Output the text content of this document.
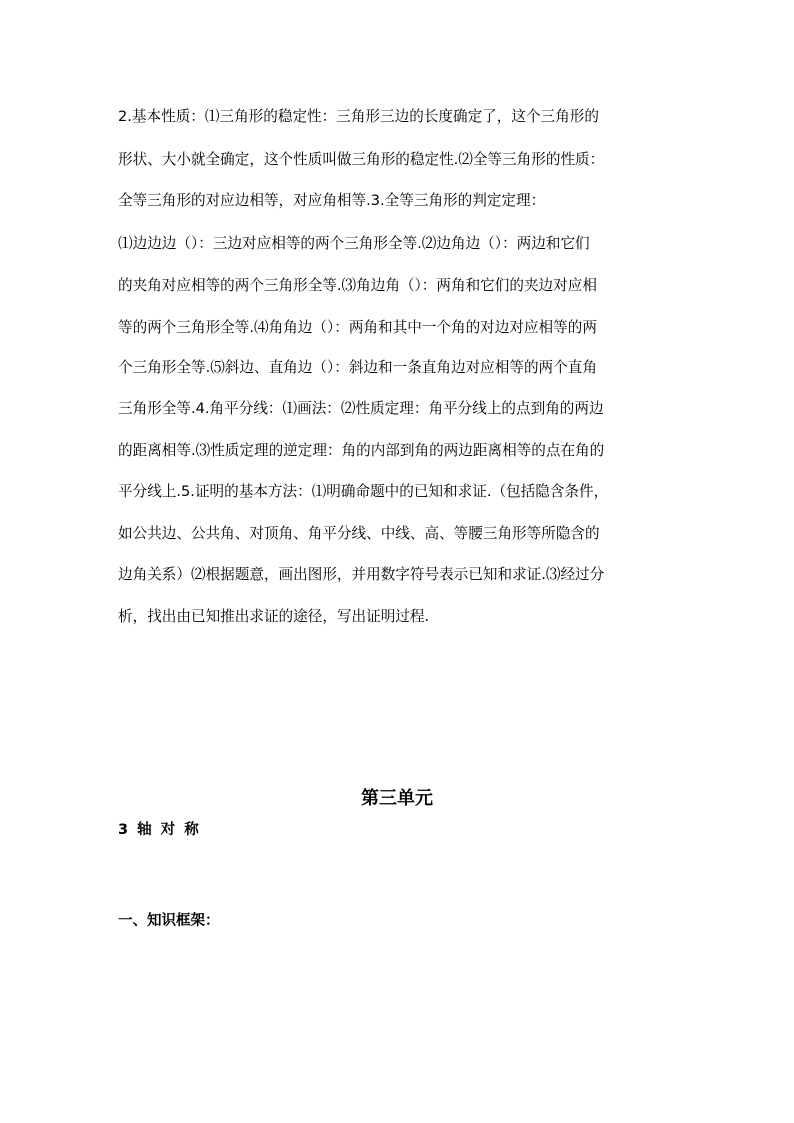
2.基本性质：⑴三角形的稳定性：三角形三边的长度确定了，这个三角形的
形状、大小就全确定，这个性质叫做三角形的稳定性.⑵全等三角形的性质：
全等三角形的对应边相等，对应角相等.3.全等三角形的判定定理：
⑴边边边（）：三边对应相等的两个三角形全等.⑵边角边（）：两边和它们
的夹角对应相等的两个三角形全等.⑶角边角（）：两角和它们的夹边对应相
等的两个三角形全等.⑷角角边（）：两角和其中一个角的对边对应相等的两
个三角形全等.⑸斜边、直角边（）：斜边和一条直角边对应相等的两个直角
三角形全等.4.角平分线：⑴画法：⑵性质定理：角平分线上的点到角的两边
的距离相等.⑶性质定理的逆定理：角的内部到角的两边距离相等的点在角的
平分线上.5.证明的基本方法：⑴明确命题中的已知和求证.（包括隐含条件，
如公共边、公共角、对顶角、角平分线、中线、高、等腰三角形等所隐含的
边角关系）⑵根据题意，画出图形，并用数字符号表示已知和求证.⑶经过分
析，找出由已知推出求证的途径，写出证明过程.
第三单元
3 轴 对 称
一、知识框架：
